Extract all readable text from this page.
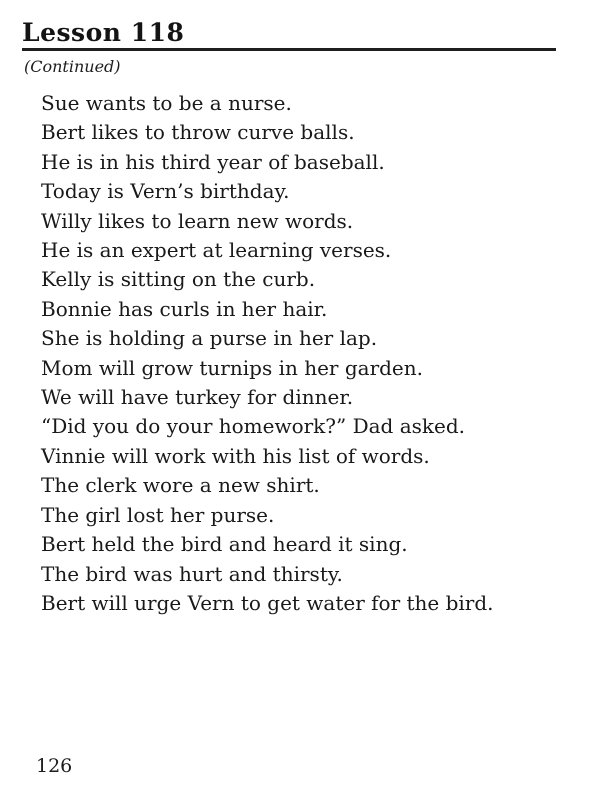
Lesson 118
(Continued)

Sue wants to be a nurse.

Bert likes to throw curve balls.

He is in his third year of baseball.

Today is Vern’s birthday.

Willy likes to learn new words.

He is an expert at learning verses.

Kelly is sitting on the curb.

Bonnie has curls in her hair.

She is holding a purse in her lap.

Mom will grow turnips in her garden.

We will have turkey for dinner.

“Did you do your homework?” Dad asked.

Vinnie will work with his list of words.

The clerk wore a new shirt.

The girl lost her purse.

Bert held the bird and heard it sing.

The bird was hurt and thirsty.

Bert will urge Vern to get water for the bird.

126
